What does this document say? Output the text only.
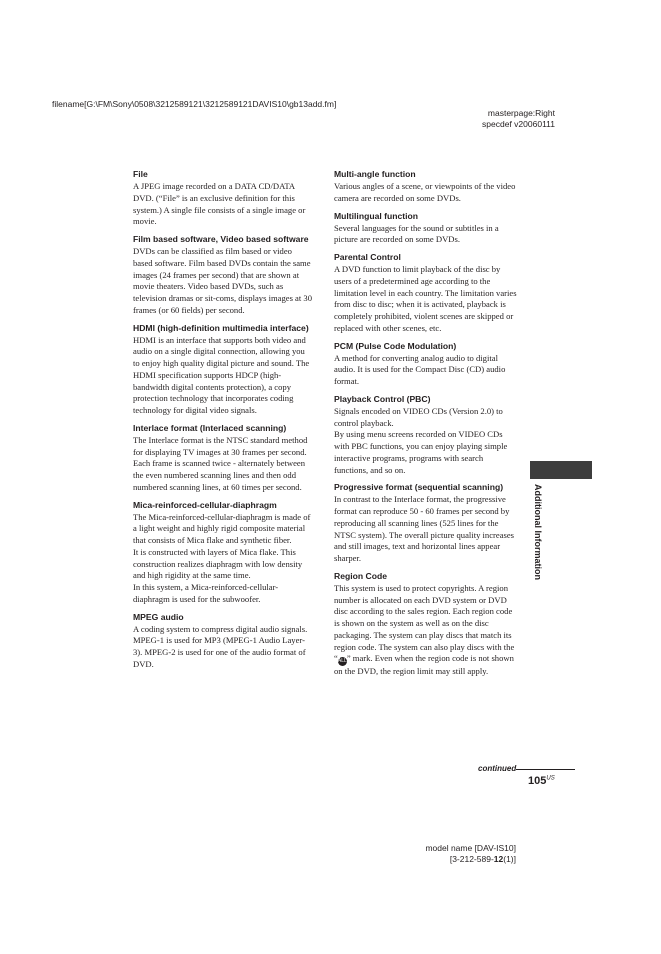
filename[G:\FM\Sony\0508\3212589121\3212589121DAVIS10\gb13add.fm]
masterpage:Right
specdef v20060111
File

A JPEG image recorded on a DATA CD/DATA DVD. (“File” is an exclusive definition for this system.) A single file consists of a single image or movie.

Film based software, Video based software

DVDs can be classified as film based or video based software. Film based DVDs contain the same images (24 frames per second) that are shown at movie theaters. Video based DVDs, such as television dramas or sit-coms, displays images at 30 frames (or 60 fields) per second.

HDMI (high-definition multimedia interface)

HDMI is an interface that supports both video and audio on a single digital connection, allowing you to enjoy high quality digital picture and sound. The HDMI specification supports HDCP (high-bandwidth digital contents protection), a copy protection technology that incorporates coding technology for digital video signals.

Interlace format (Interlaced scanning)

The Interlace format is the NTSC standard method for displaying TV images at 30 frames per second. Each frame is scanned twice - alternately between the even numbered scanning lines and then odd numbered scanning lines, at 60 times per second.

Mica-reinforced-cellular-diaphragm

The Mica-reinforced-cellular-diaphragm is made of a light weight and highly rigid composite material that consists of Mica flake and synthetic fiber.

It is constructed with layers of Mica flake. This construction realizes diaphragm with low density and high rigidity at the same time.

In this system, a Mica-reinforced-cellular-diaphragm is used for the subwoofer.

MPEG audio

A coding system to compress digital audio signals. MPEG-1 is used for MP3 (MPEG-1 Audio Layer-3). MPEG-2 is used for one of the audio format of DVD.

Multi-angle function

Various angles of a scene, or viewpoints of the video camera are recorded on some DVDs.

Multilingual function

Several languages for the sound or subtitles in a picture are recorded on some DVDs.

Parental Control

A DVD function to limit playback of the disc by users of a predetermined age according to the limitation level in each country. The limitation varies from disc to disc; when it is activated, playback is completely prohibited, violent scenes are skipped or replaced with other scenes, etc.

PCM (Pulse Code Modulation)

A method for converting analog audio to digital audio. It is used for the Compact Disc (CD) audio format.

Playback Control (PBC)

Signals encoded on VIDEO CDs (Version 2.0) to control playback.

By using menu screens recorded on VIDEO CDs with PBC functions, you can enjoy playing simple interactive programs, programs with search functions, and so on.

Progressive format (sequential scanning)

In contrast to the Interlace format, the progressive format can reproduce 50 - 60 frames per second by reproducing all scanning lines (525 lines for the NTSC system). The overall picture quality increases and still images, text and horizontal lines appear sharper.

Region Code
This system is used to protect copyrights. A region number is allocated on each DVD system or DVD disc according to the sales region. Each region code is shown on the system as well as on the disc packaging. The system can play discs that match its region code. The system can also play discs with the “ALL” mark. Even when the region code is not shown on the DVD, the region limit may still apply.
Additional Information
continued
$105^{US}$
model name [DAV-IS10]
[3-212-589-12(1)]
